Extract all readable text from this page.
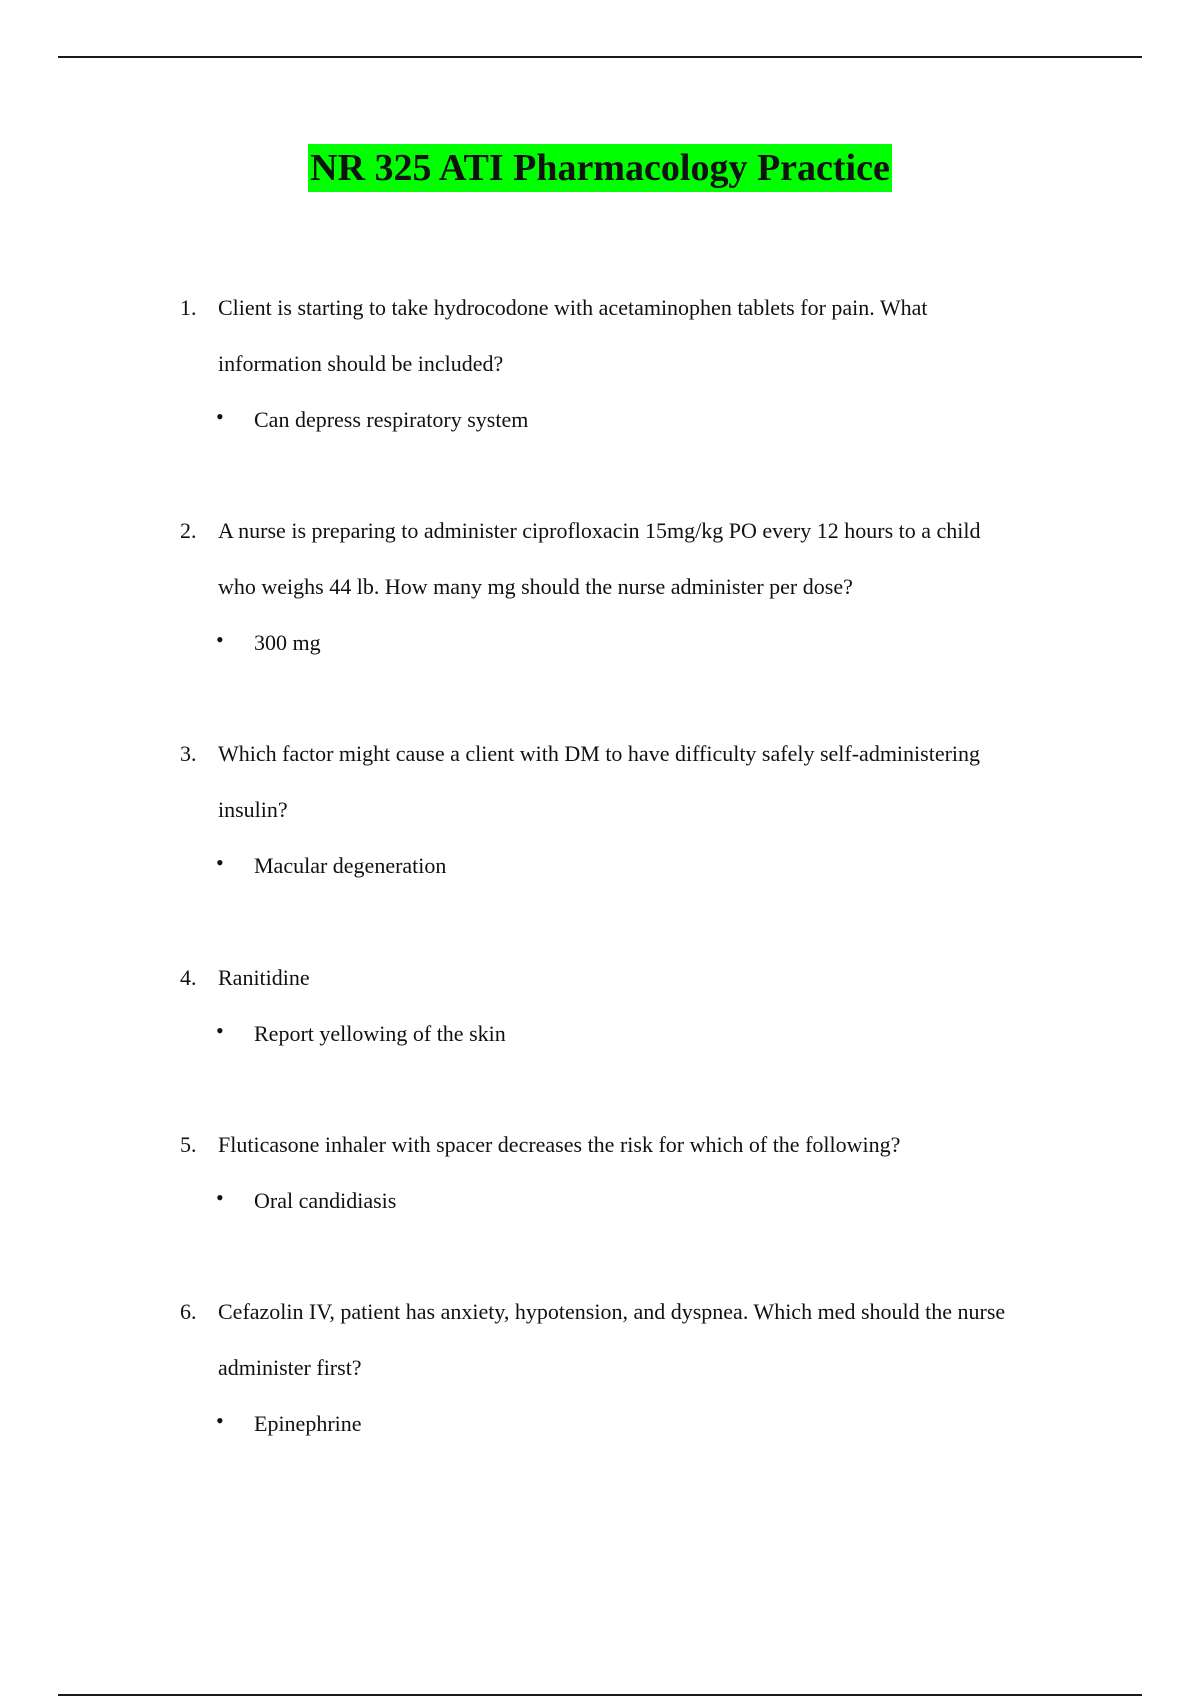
NR 325 ATI Pharmacology Practice
1. Client is starting to take hydrocodone with acetaminophen tablets for pain. What
information should be included?
• Can depress respiratory system
2. A nurse is preparing to administer ciprofloxacin 15mg/kg PO every 12 hours to a child
who weighs 44 lb. How many mg should the nurse administer per dose?
• 300 mg
3. Which factor might cause a client with DM to have difficulty safely self-administering
insulin?
• Macular degeneration
4. Ranitidine
• Report yellowing of the skin
5. Fluticasone inhaler with spacer decreases the risk for which of the following?
• Oral candidiasis
6. Cefazolin IV, patient has anxiety, hypotension, and dyspnea. Which med should the nurse
administer first?
• Epinephrine
